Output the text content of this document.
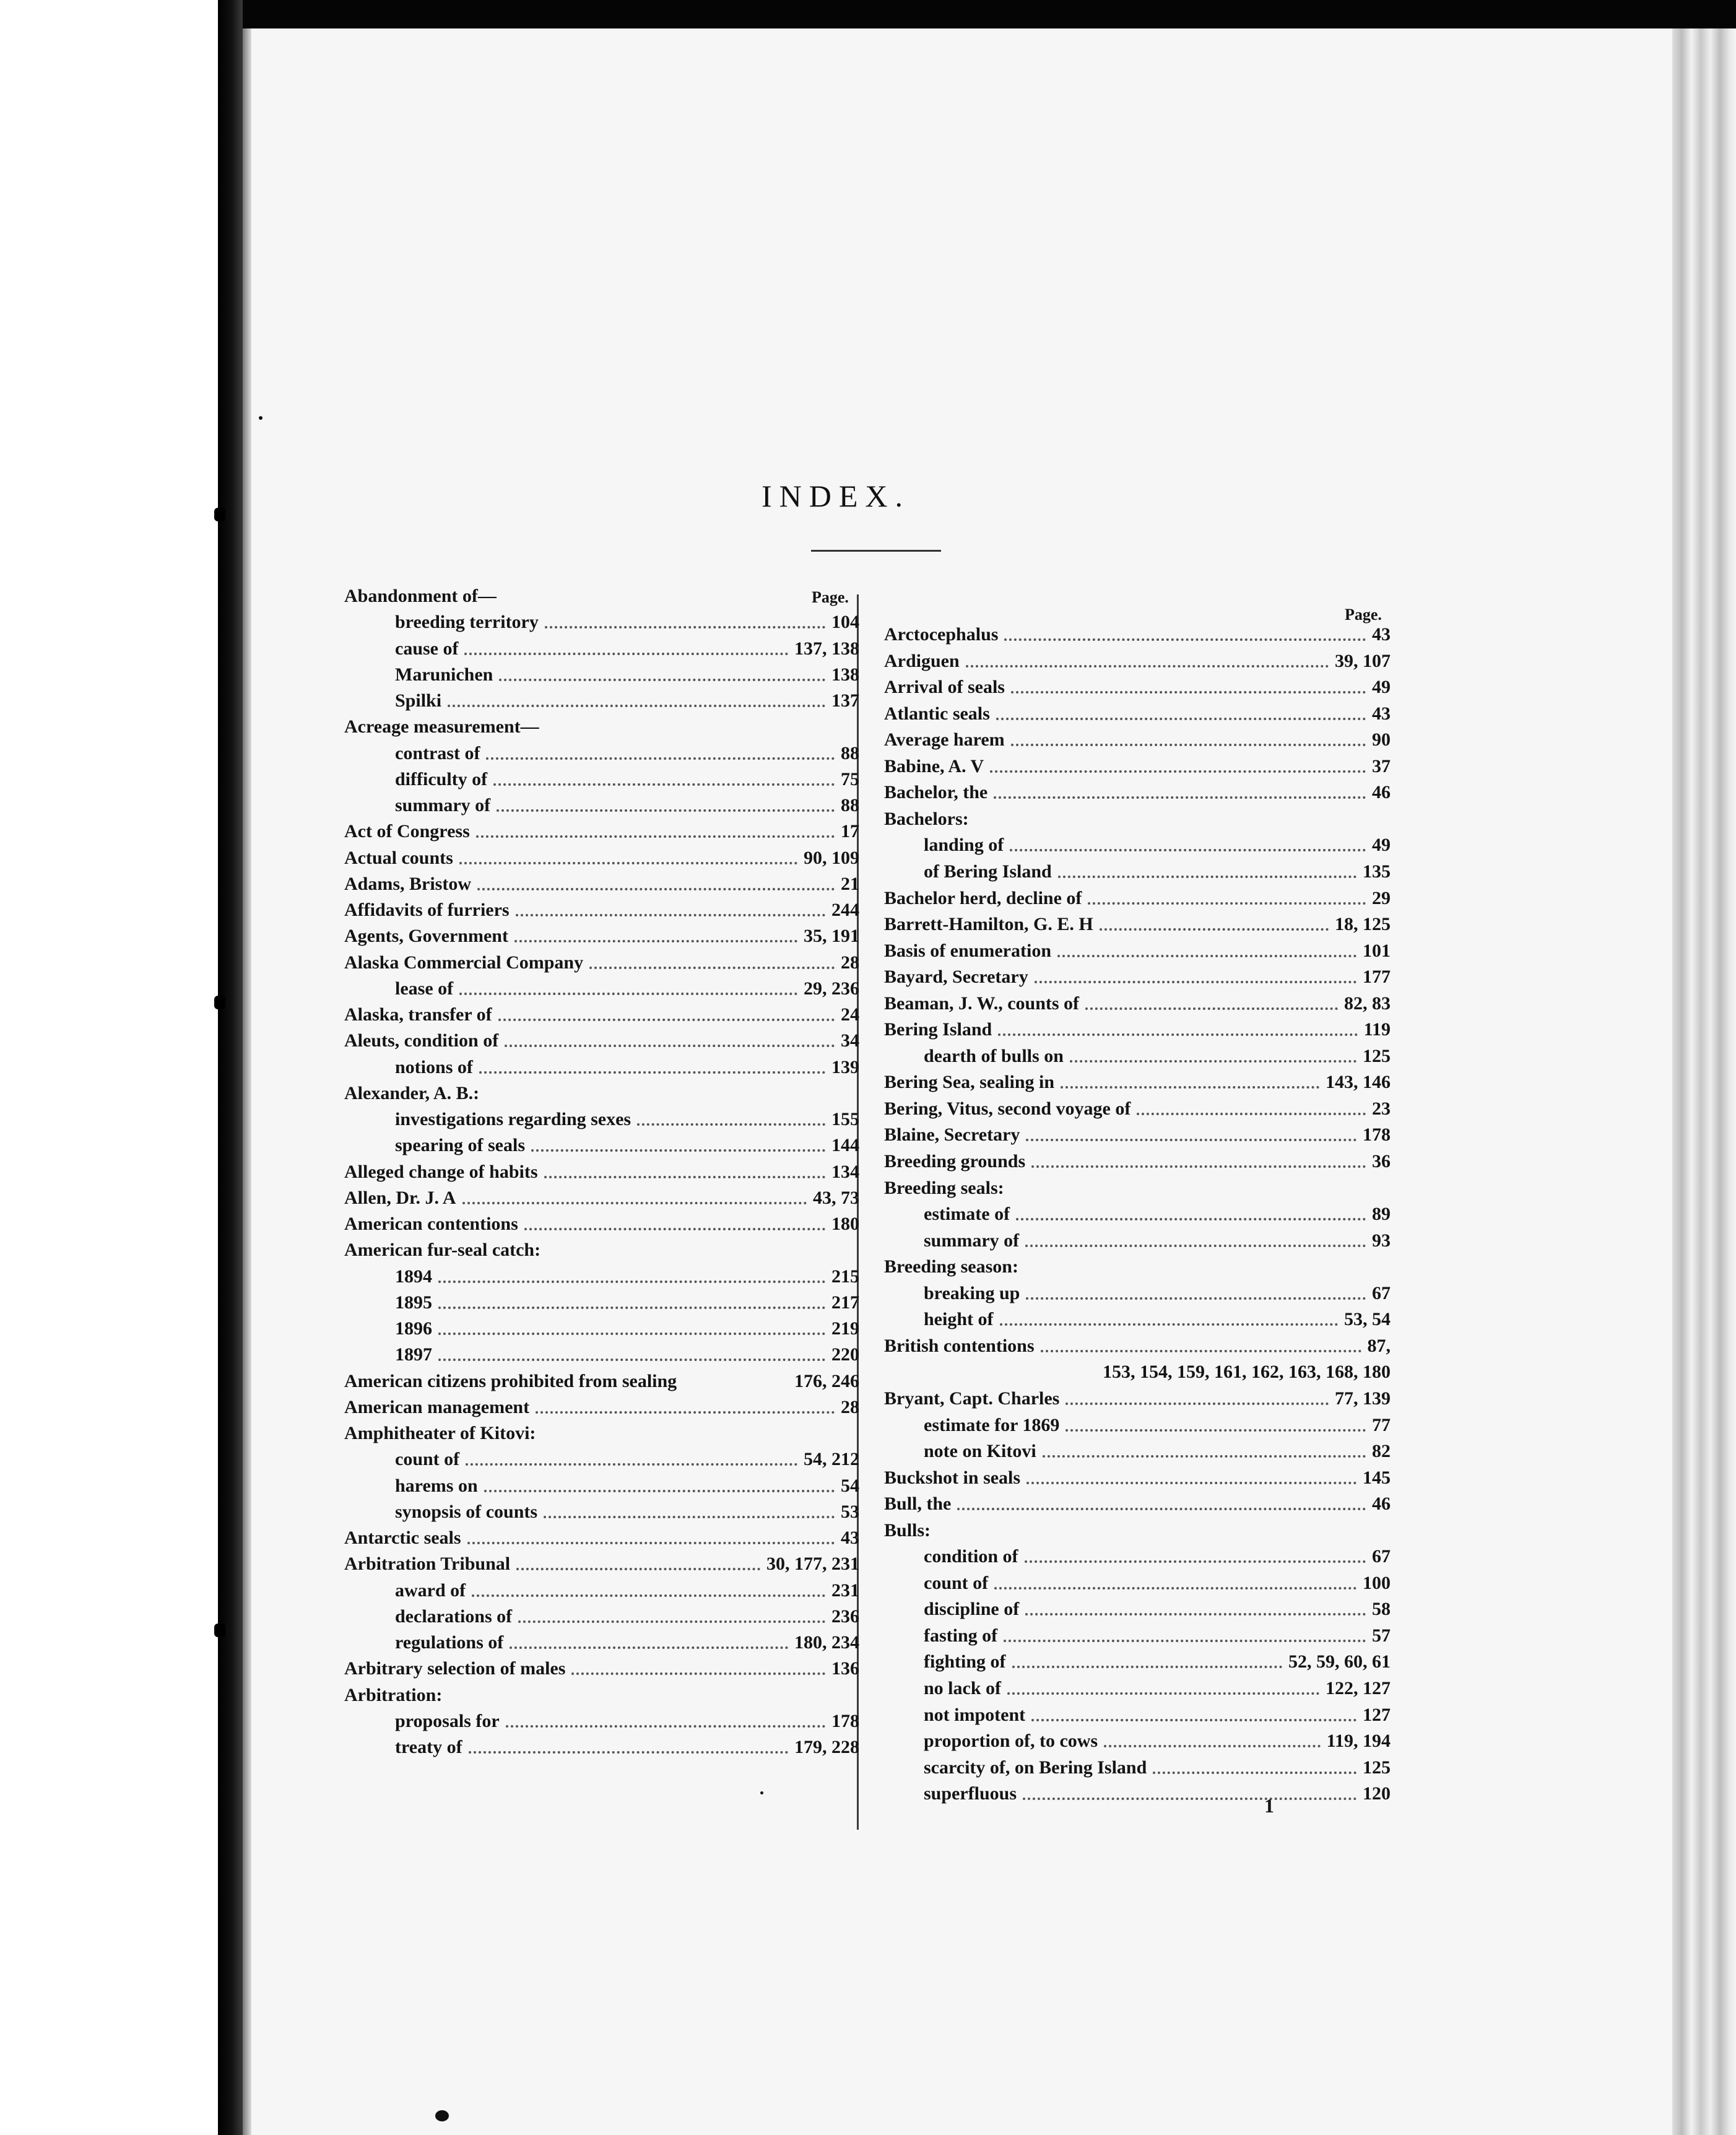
INDEX.
Page.
Page.
Abandonment of—
breeding territory	104
cause of	137, 138
Marunichen	138
Spilki	137
Acreage measurement—
contrast of	88
difficulty of	75
summary of	88
Act of Congress	17
Actual counts	90, 109
Adams, Bristow	21
Affidavits of furriers	244
Agents, Government	35, 191
Alaska Commercial Company	28
lease of	29, 236
Alaska, transfer of	24
Aleuts, condition of	34
notions of	139
Alexander, A. B.:
investigations regarding sexes	155
spearing of seals	144
Alleged change of habits	134
Allen, Dr. J. A	43, 73
American contentions	180
American fur-seal catch:
1894	215
1895	217
1896	219
1897	220
American citizens prohibited from sealing	176, 246
American management	28
Amphitheater of Kitovi:
count of	54, 212
harems on	54
synopsis of counts	53
Antarctic seals	43
Arbitration Tribunal	30, 177, 231
award of	231
declarations of	236
regulations of	180, 234
Arbitrary selection of males	136
Arbitration:
proposals for	178
treaty of	179, 228
Arctocephalus	43
Ardiguen	39, 107
Arrival of seals	49
Atlantic seals	43
Average harem	90
Babine, A. V	37
Bachelor, the	46
Bachelors:
landing of	49
of Bering Island	135
Bachelor herd, decline of	29
Barrett-Hamilton, G. E. H	18, 125
Basis of enumeration	101
Bayard, Secretary	177
Beaman, J. W., counts of	82, 83
Bering Island	119
dearth of bulls on	125
Bering Sea, sealing in	143, 146
Bering, Vitus, second voyage of	23
Blaine, Secretary	178
Breeding grounds	36
Breeding seals:
estimate of	89
summary of	93
Breeding season:
breaking up	67
height of	53, 54
British contentions	87,
153, 154, 159, 161, 162, 163, 168, 180
Bryant, Capt. Charles	77, 139
estimate for 1869	77
note on Kitovi	82
Buckshot in seals	145
Bull, the	46
Bulls:
condition of	67
count of	100
discipline of	58
fasting of	57
fighting of	52, 59, 60, 61
no lack of	122, 127
not impotent	127
proportion of, to cows	119, 194
scarcity of, on Bering Island	125
superfluous	120
1
